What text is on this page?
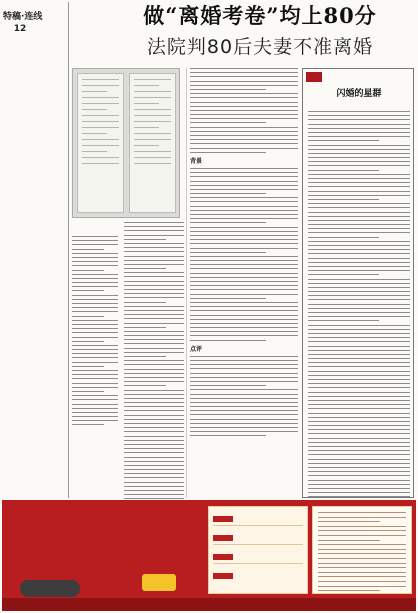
特稿·连线
12
做“离婚考卷”均上80分
法院判80后夫妻不准离婚
背景
点评
闪婚的星群
